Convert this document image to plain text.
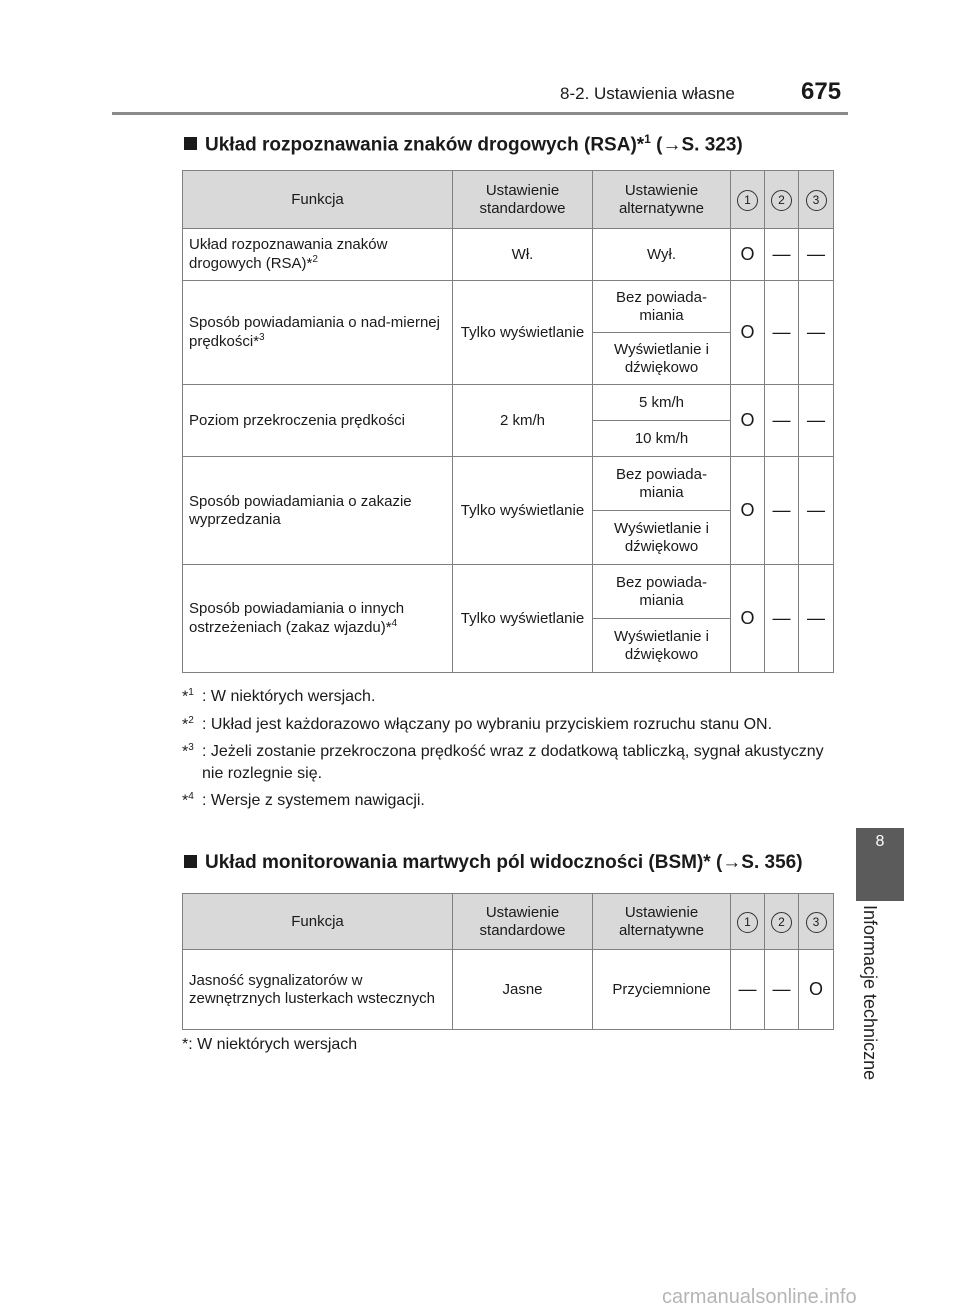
8-2. Ustawienia własne	675
8
Informacje techniczne
Układ rozpoznawania znaków drogowych (RSA)*$^1$ (→S. 323)
Funkcja	Ustawienie standardowe	Ustawienie alternatywne	1	2	3
Układ rozpoznawania znaków drogowych (RSA)*$^2$	Wł.	Wył.	O	—	—
Sposób powiadamiania o nad-miernej prędkości*$^3$	Tylko wyświetlanie	Bez powiada-miania	O	—	—
		Wyświetlanie i dźwiękowo			
Poziom przekroczenia prędkości	2 km/h	5 km/h	O	—	—
		10 km/h			
Sposób powiadamiania o zakazie wyprzedzania	Tylko wyświetlanie	Bez powiada-miania	O	—	—
		Wyświetlanie i dźwiękowo			
Sposób powiadamiania o innych ostrzeżeniach (zakaz wjazdu)*$^4$	Tylko wyświetlanie	Bez powiada-miania	O	—	—
		Wyświetlanie i dźwiękowo			
*$^1$ : W niektórych wersjach.
*$^2$ : Układ jest każdorazowo włączany po wybraniu przyciskiem rozruchu stanu ON.
*$^3$ : Jeżeli zostanie przekroczona prędkość wraz z dodatkową tabliczką, sygnał akustyczny nie rozlegnie się.
*$^4$ : Wersje z systemem nawigacji.
Układ monitorowania martwych pól widoczności (BSM)* (→S. 356)
Funkcja	Ustawienie standardowe	Ustawienie alternatywne	1	2	3
Jasność sygnalizatorów w zewnętrznych lusterkach wstecznych	Jasne	Przyciemnione	—	—	O
*: W niektórych wersjach
carmanualsonline.info
